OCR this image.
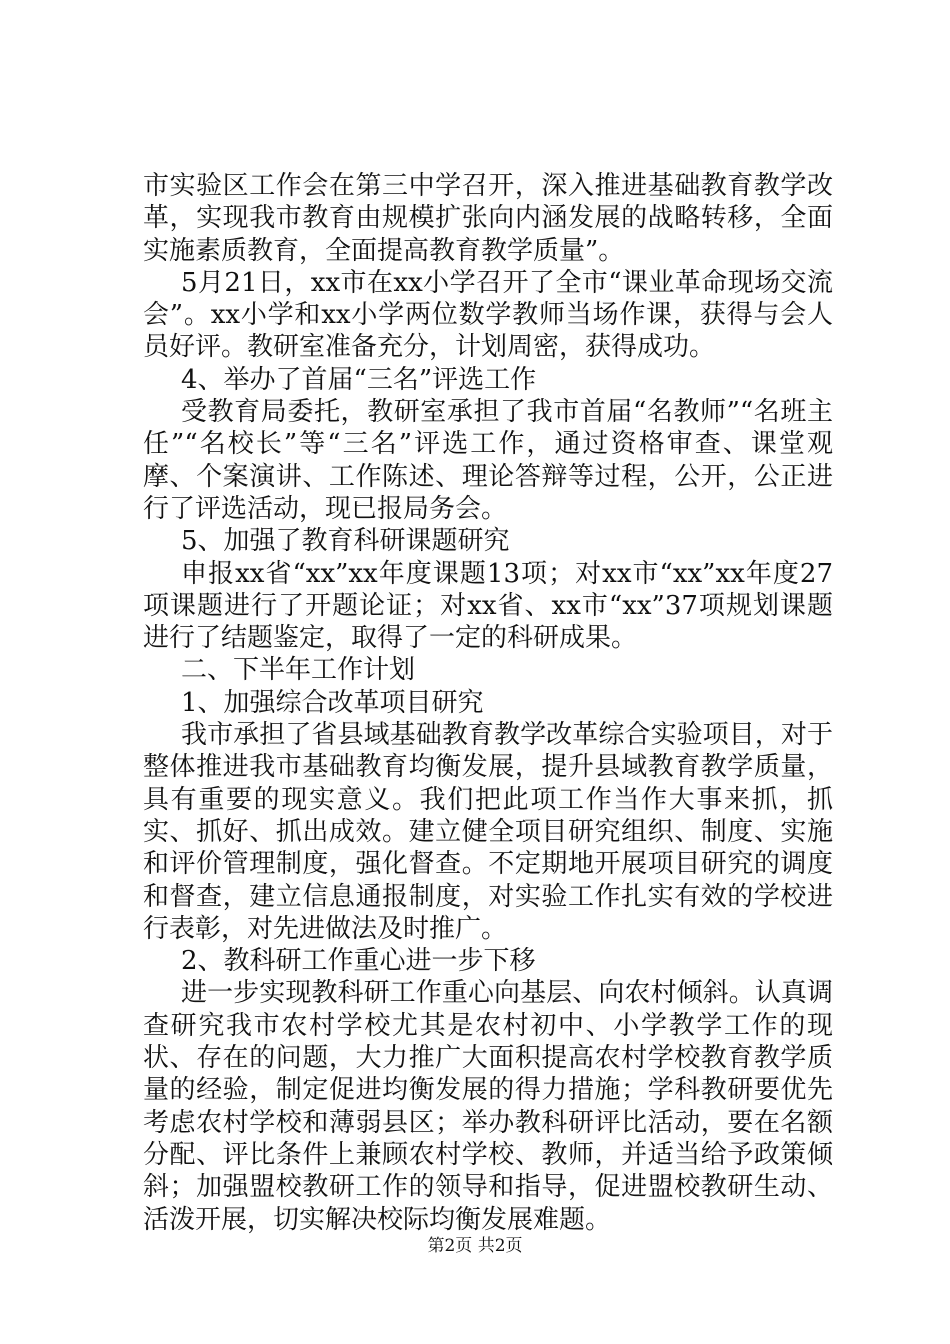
市实验区工作会在第三中学召开，深入推进基础教育教学改革，实现我市教育由规模扩张向内涵发展的战略转移，全面实施素质教育，全面提高教育教学质量”。

5月21日，xx市在xx小学召开了全市“课业革命现场交流会”。xx小学和xx小学两位数学教师当场作课，获得与会人员好评。教研室准备充分，计划周密，获得成功。

4、举办了首届“三名”评选工作

受教育局委托，教研室承担了我市首届“名教师”“名班主任”“名校长”等“三名”评选工作，通过资格审查、课堂观摩、个案演讲、工作陈述、理论答辩等过程，公开，公正进行了评选活动，现已报局务会。

5、加强了教育科研课题研究

申报xx省“xx”xx年度课题13项；对xx市“xx”xx年度27项课题进行了开题论证；对xx省、xx市“xx”37项规划课题进行了结题鉴定，取得了一定的科研成果。

二、下半年工作计划

1、加强综合改革项目研究

我市承担了省县域基础教育教学改革综合实验项目，对于整体推进我市基础教育均衡发展，提升县域教育教学质量，具有重要的现实意义。我们把此项工作当作大事来抓，抓实、抓好、抓出成效。建立健全项目研究组织、制度、实施和评价管理制度，强化督查。不定期地开展项目研究的调度和督查，建立信息通报制度，对实验工作扎实有效的学校进行表彰，对先进做法及时推广。

2、教科研工作重心进一步下移

进一步实现教科研工作重心向基层、向农村倾斜。认真调查研究我市农村学校尤其是农村初中、小学教学工作的现状、存在的问题，大力推广大面积提高农村学校教育教学质量的经验，制定促进均衡发展的得力措施；学科教研要优先考虑农村学校和薄弱县区；举办教科研评比活动，要在名额分配、评比条件上兼顾农村学校、教师，并适当给予政策倾斜；加强盟校教研工作的领导和指导，促进盟校教研生动、活泼开展，切实解决校际均衡发展难题。

第2页 共2页
